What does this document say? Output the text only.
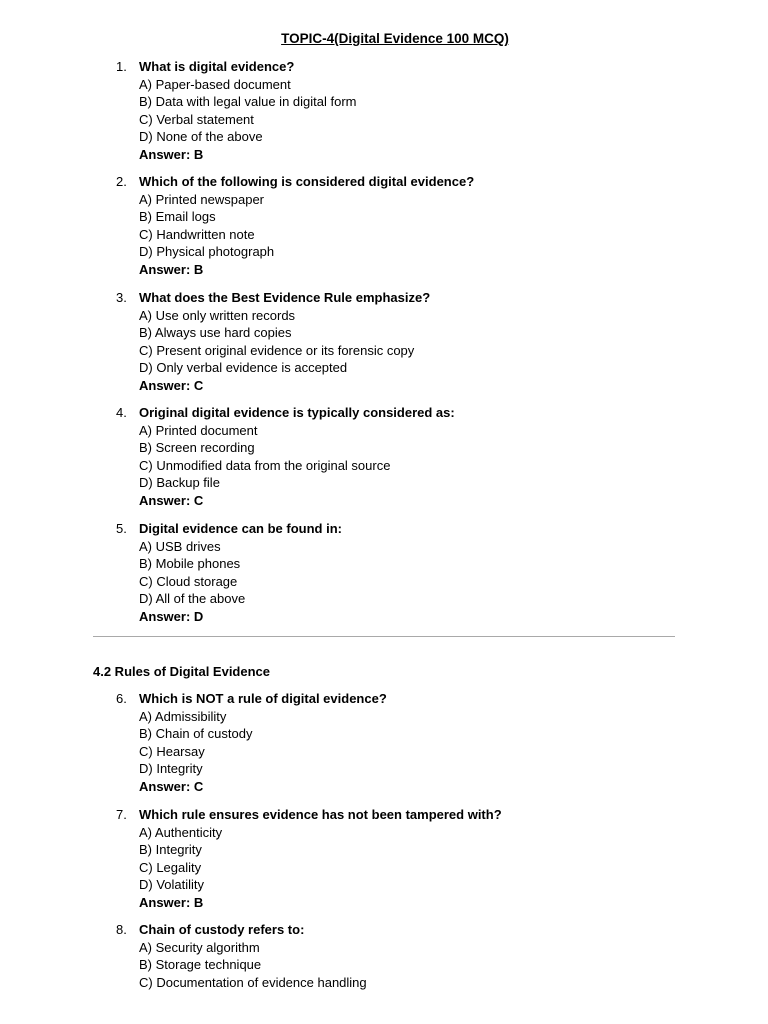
TOPIC-4(Digital Evidence 100 MCQ)
1. What is digital evidence?
A) Paper-based document
B) Data with legal value in digital form
C) Verbal statement
D) None of the above
Answer: B
2. Which of the following is considered digital evidence?
A) Printed newspaper
B) Email logs
C) Handwritten note
D) Physical photograph
Answer: B
3. What does the Best Evidence Rule emphasize?
A) Use only written records
B) Always use hard copies
C) Present original evidence or its forensic copy
D) Only verbal evidence is accepted
Answer: C
4. Original digital evidence is typically considered as:
A) Printed document
B) Screen recording
C) Unmodified data from the original source
D) Backup file
Answer: C
5. Digital evidence can be found in:
A) USB drives
B) Mobile phones
C) Cloud storage
D) All of the above
Answer: D
4.2 Rules of Digital Evidence
6. Which is NOT a rule of digital evidence?
A) Admissibility
B) Chain of custody
C) Hearsay
D) Integrity
Answer: C
7. Which rule ensures evidence has not been tampered with?
A) Authenticity
B) Integrity
C) Legality
D) Volatility
Answer: B
8. Chain of custody refers to:
A) Security algorithm
B) Storage technique
C) Documentation of evidence handling
